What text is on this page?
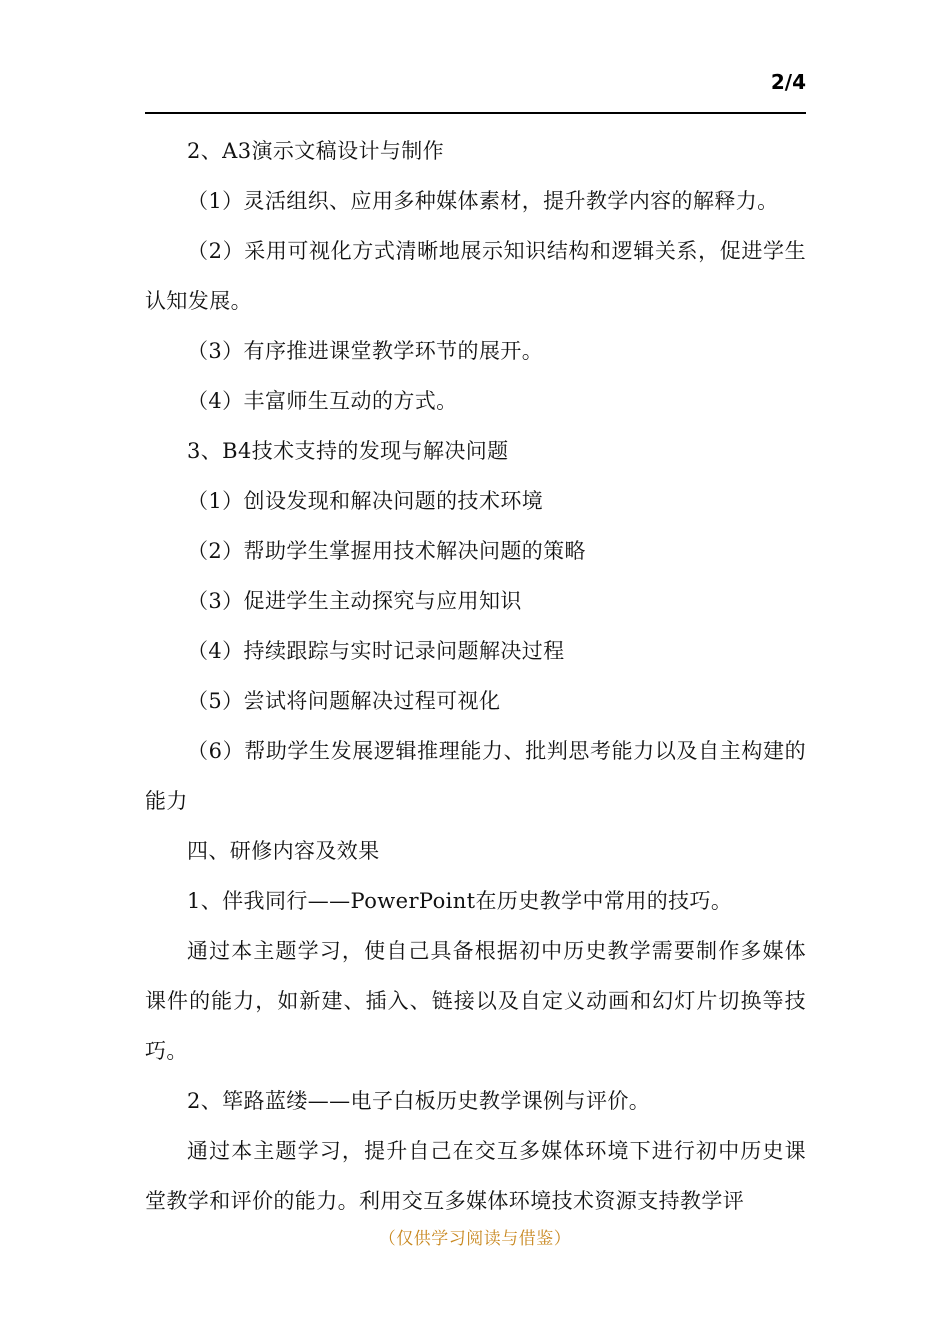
2/4

2、A3演示文稿设计与制作

（1）灵活组织、应用多种媒体素材，提升教学内容的解释力。

（2）采用可视化方式清晰地展示知识结构和逻辑关系，促进学生认知发展。

（3）有序推进课堂教学环节的展开。

（4）丰富师生互动的方式。

3、B4技术支持的发现与解决问题

（1）创设发现和解决问题的技术环境

（2）帮助学生掌握用技术解决问题的策略

（3）促进学生主动探究与应用知识

（4）持续跟踪与实时记录问题解决过程

（5）尝试将问题解决过程可视化

（6）帮助学生发展逻辑推理能力、批判思考能力以及自主构建的能力

四、研修内容及效果

1、伴我同行——PowerPoint在历史教学中常用的技巧。

通过本主题学习，使自己具备根据初中历史教学需要制作多媒体课件的能力，如新建、插入、链接以及自定义动画和幻灯片切换等技巧。

2、筚路蓝缕——电子白板历史教学课例与评价。

通过本主题学习，提升自己在交互多媒体环境下进行初中历史课堂教学和评价的能力。利用交互多媒体环境技术资源支持教学评

（仅供学习阅读与借鉴）
